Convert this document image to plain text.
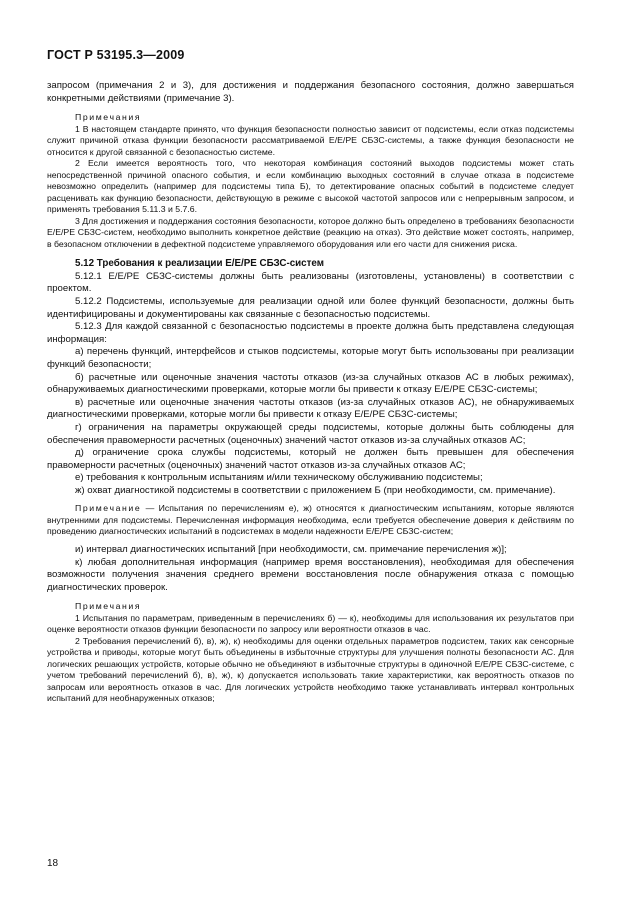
ГОСТ Р 53195.3—2009

запросом (примечания 2 и 3), для достижения и поддержания безопасного состояния, должно завершаться конкретными действиями (примечание 3).

Примечания

1 В настоящем стандарте принято, что функция безопасности полностью зависит от подсистемы, если отказ подсистемы служит причиной отказа функции безопасности рассматриваемой Е/Е/РЕ СБЗС-системы, а также функция безопасности не относится к другой связанной с безопасностью системе.

2 Если имеется вероятность того, что некоторая комбинация состояний выходов подсистемы может стать непосредственной причиной опасного события, и если комбинацию выходных состояний в случае отказа в подсистеме невозможно определить (например для подсистемы типа Б), то детектирование опасных событий в подсистеме следует расценивать как функцию безопасности, действующую в режиме с высокой частотой запросов или с непрерывным запросом, и применять требования 5.11.3 и 5.7.6.

3 Для достижения и поддержания состояния безопасности, которое должно быть определено в требованиях безопасности Е/Е/РЕ СБЗС-систем, необходимо выполнить конкретное действие (реакцию на отказ). Это действие может состоять, например, в безопасном отключении в дефектной подсистеме управляемого оборудования или его части для снижения риска.

5.12 Требования к реализации Е/Е/РЕ СБЗС-систем

5.12.1 Е/Е/РЕ СБЗС-системы должны быть реализованы (изготовлены, установлены) в соответствии с проектом.

5.12.2 Подсистемы, используемые для реализации одной или более функций безопасности, должны быть идентифицированы и документированы как связанные с безопасностью подсистемы.

5.12.3 Для каждой связанной с безопасностью подсистемы в проекте должна быть представлена следующая информация:

а) перечень функций, интерфейсов и стыков подсистемы, которые могут быть использованы при реализации функций безопасности;

б) расчетные или оценочные значения частоты отказов (из-за случайных отказов АС в любых режимах), обнаруживаемых диагностическими проверками, которые могли бы привести к отказу Е/Е/РЕ СБЗС-системы;

в) расчетные или оценочные значения частоты отказов (из-за случайных отказов АС), не обнаруживаемых диагностическими проверками, которые могли бы привести к отказу Е/Е/РЕ СБЗС-системы;

г) ограничения на параметры окружающей среды подсистемы, которые должны быть соблюдены для обеспечения правомерности расчетных (оценочных) значений частот отказов из-за случайных отказов АС;

д) ограничение срока службы подсистемы, который не должен быть превышен для обеспечения правомерности расчетных (оценочных) значений частот отказов из-за случайных отказов АС;

е) требования к контрольным испытаниям и/или техническому обслуживанию подсистемы;

ж) охват диагностикой подсистемы в соответствии с приложением Б (при необходимости, см. примечание).

Примечание — Испытания по перечислениям е), ж) относятся к диагностическим испытаниям, которые являются внутренними для подсистемы. Перечисленная информация необходима, если требуется обеспечение доверия к действиям по проведению диагностических испытаний в подсистемах в модели надежности Е/Е/РЕ СБЗС-систем;

и) интервал диагностических испытаний [при необходимости, см. примечание перечисления ж)];

к) любая дополнительная информация (например время восстановления), необходимая для обеспечения возможности получения значения среднего времени восстановления после обнаружения отказа с помощью диагностических проверок.

Примечания

1 Испытания по параметрам, приведенным в перечислениях б) — к), необходимы для использования их результатов при оценке вероятности отказов функции безопасности по запросу или вероятности отказов в час.

2 Требования перечислений б), в), ж), к) необходимы для оценки отдельных параметров подсистем, таких как сенсорные устройства и приводы, которые могут быть объединены в избыточные структуры для улучшения полноты безопасности АС. Для логических решающих устройств, которые обычно не объединяют в избыточные структуры в одиночной Е/Е/РЕ СБЗС-системе, с учетом требований перечислений б), в), ж), к) допускается использовать такие характеристики, как вероятность отказов по запросам или вероятность отказов в час. Для логических устройств необходимо также устанавливать интервал контрольных испытаний для необнаруженных отказов;

18
